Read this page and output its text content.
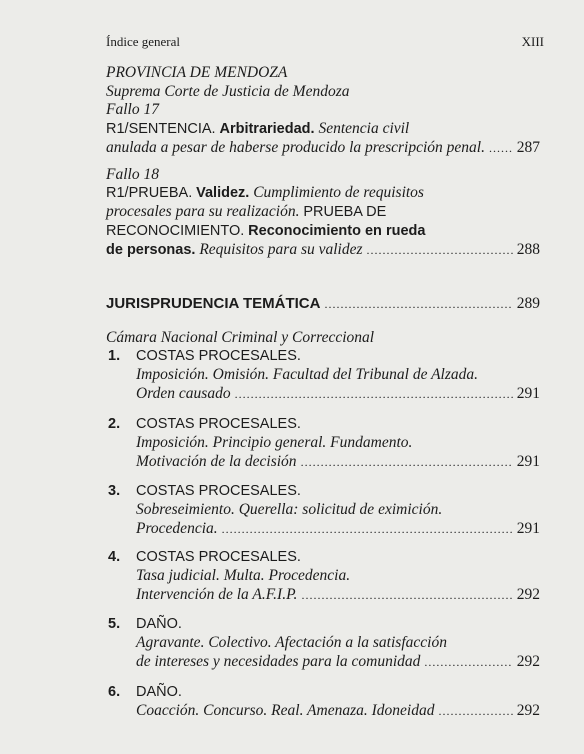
Índice general	XIII
PROVINCIA DE MENDOZA
Suprema Corte de Justicia de Mendoza
Fallo 17
R1/SENTENCIA. Arbitrariedad. Sentencia civil
anulada a pesar de haberse producido la prescripción penal. ..... 287
Fallo 18
R1/PRUEBA. Validez. Cumplimiento de requisitos
procesales para su realización. PRUEBA DE
RECONOCIMIENTO. Reconocimiento en rueda
de personas. Requisitos para su validez .....	288
JURISPRUDENCIA TEMÁTICA .....	289
Cámara Nacional Criminal y Correccional
1. COSTAS PROCESALES.
Imposición. Omisión. Facultad del Tribunal de Alzada.
Orden causado .....	291
2. COSTAS PROCESALES.
Imposición. Principio general. Fundamento.
Motivación de la decisión .....	291
3. COSTAS PROCESALES.
Sobreseimiento. Querella: solicitud de eximición.
Procedencia. .....	291
4. COSTAS PROCESALES.
Tasa judicial. Multa. Procedencia.
Intervención de la A.F.I.P. .....	292
5. DAÑO.
Agravante. Colectivo. Afectación a la satisfacción
de intereses y necesidades para la comunidad .....	292
6. DAÑO.
Coacción. Concurso. Real. Amenaza. Idoneidad .....	292
